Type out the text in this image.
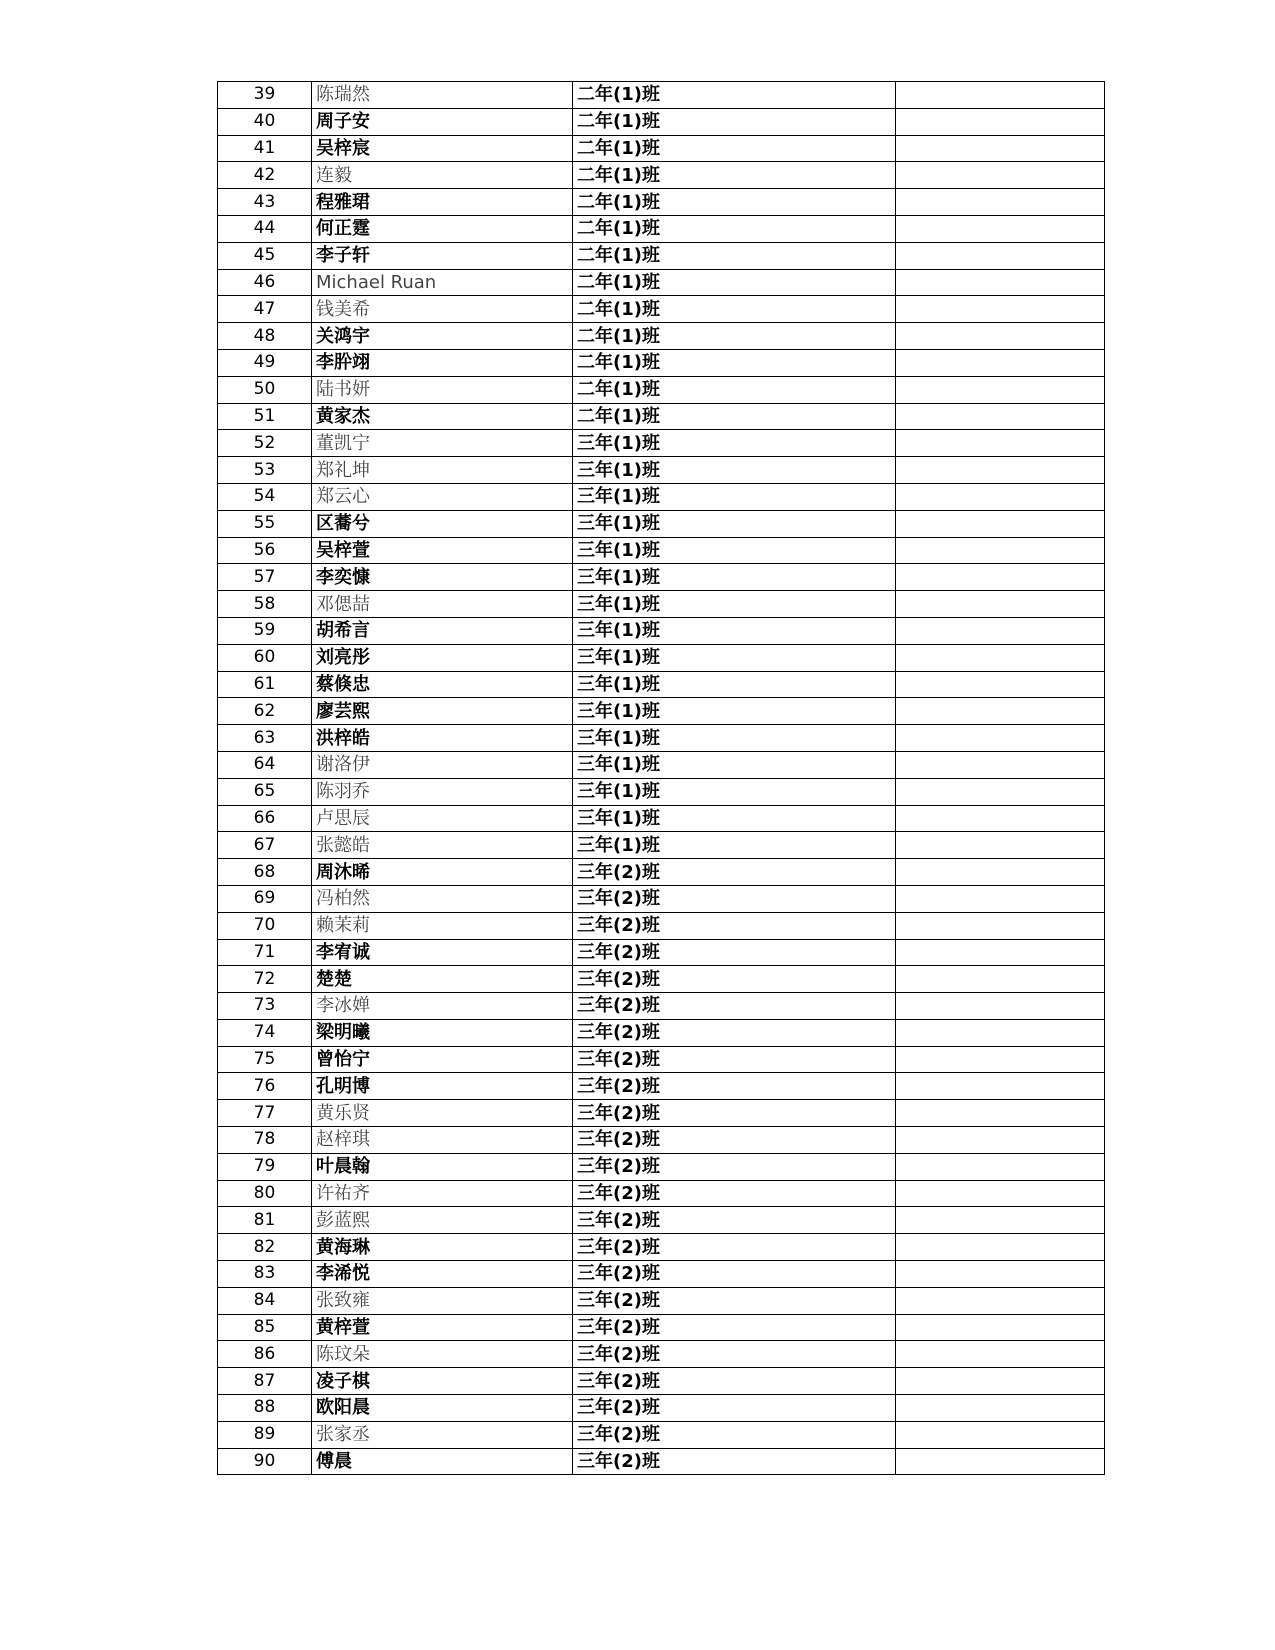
39	陈瑞然	二年(1)班	
40	周子安	二年(1)班	
41	吴梓宸	二年(1)班	
42	连毅	二年(1)班	
43	程雅珺	二年(1)班	
44	何正霆	二年(1)班	
45	李子轩	二年(1)班	
46	Michael Ruan	二年(1)班	
47	钱美希	二年(1)班	
48	关鸿宇	二年(1)班	
49	李肸翊	二年(1)班	
50	陆书妍	二年(1)班	
51	黄家杰	二年(1)班	
52	董凯宁	三年(1)班	
53	郑礼坤	三年(1)班	
54	郑云心	三年(1)班	
55	区蕎兮	三年(1)班	
56	吴梓萱	三年(1)班	
57	李奕慷	三年(1)班	
58	邓偲喆	三年(1)班	
59	胡希言	三年(1)班	
60	刘亮彤	三年(1)班	
61	蔡倏忠	三年(1)班	
62	廖芸熙	三年(1)班	
63	洪梓皓	三年(1)班	
64	谢洛伊	三年(1)班	
65	陈羽乔	三年(1)班	
66	卢思辰	三年(1)班	
67	张懿皓	三年(1)班	
68	周沐晞	三年(2)班	
69	冯柏然	三年(2)班	
70	赖茉莉	三年(2)班	
71	李宥诚	三年(2)班	
72	楚楚	三年(2)班	
73	李冰婵	三年(2)班	
74	梁明曦	三年(2)班	
75	曾怡宁	三年(2)班	
76	孔明博	三年(2)班	
77	黄乐贤	三年(2)班	
78	赵梓琪	三年(2)班	
79	叶晨翰	三年(2)班	
80	许祐齐	三年(2)班	
81	彭蓝熙	三年(2)班	
82	黄海琳	三年(2)班	
83	李浠悦	三年(2)班	
84	张致雍	三年(2)班	
85	黄梓萱	三年(2)班	
86	陈玟朵	三年(2)班	
87	凌子棋	三年(2)班	
88	欧阳晨	三年(2)班	
89	张家丞	三年(2)班	
90	傅晨	三年(2)班	
